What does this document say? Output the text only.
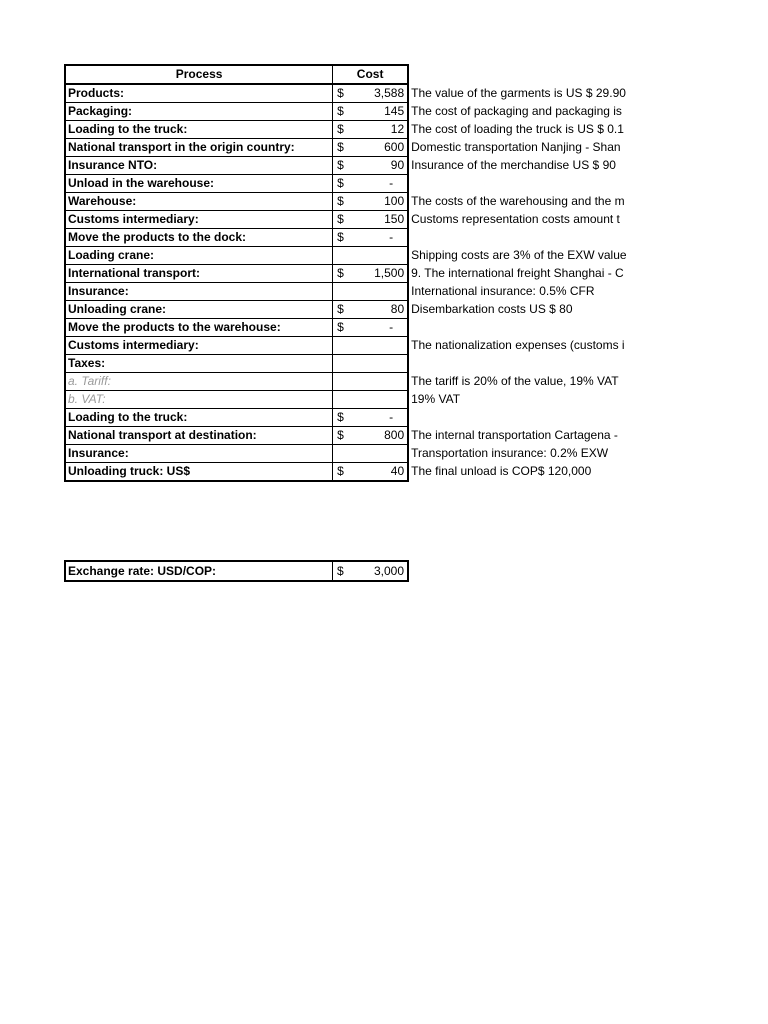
Process	Cost	
Products:	$ 3,588	The value of the garments is US $ 29.90
Packaging:	$ 145	The cost of packaging and packaging is
Loading to the truck:	$ 12	The cost of loading the truck is US $ 0.1
National transport in the origin country:	$ 600	Domestic transportation Nanjing - Shan
Insurance NTO:	$ 90	Insurance of the merchandise US $ 90
Unload in the warehouse:	$ -	

Warehouse:	$ 100	The costs of the warehousing and the m
Customs intermediary:	$ 150	Customs representation costs amount t
Move the products to the dock:	$ -	

Loading crane:		Shipping costs are 3% of the EXW value
International transport:	$ 1,500	9. The international freight Shanghai - C
Insurance:		International insurance: 0.5% CFR
Unloading crane:	$ 80	Disembarkation costs US $ 80
Move the products to the warehouse:	$ -	

Customs intermediary:		The nationalization expenses (customs i
Taxes:	

a. Tariff:		The tariff is 20% of the value, 19% VAT
b. VAT:		19% VAT
Loading to the truck:	$ -	

National transport at destination:	$ 800	The internal transportation Cartagena -
Insurance:		Transportation insurance: 0.2% EXW
Unloading truck: US$	$ 40	The final unload is COP$ 120,000
Exchange rate: USD/COP:	$	3,000
